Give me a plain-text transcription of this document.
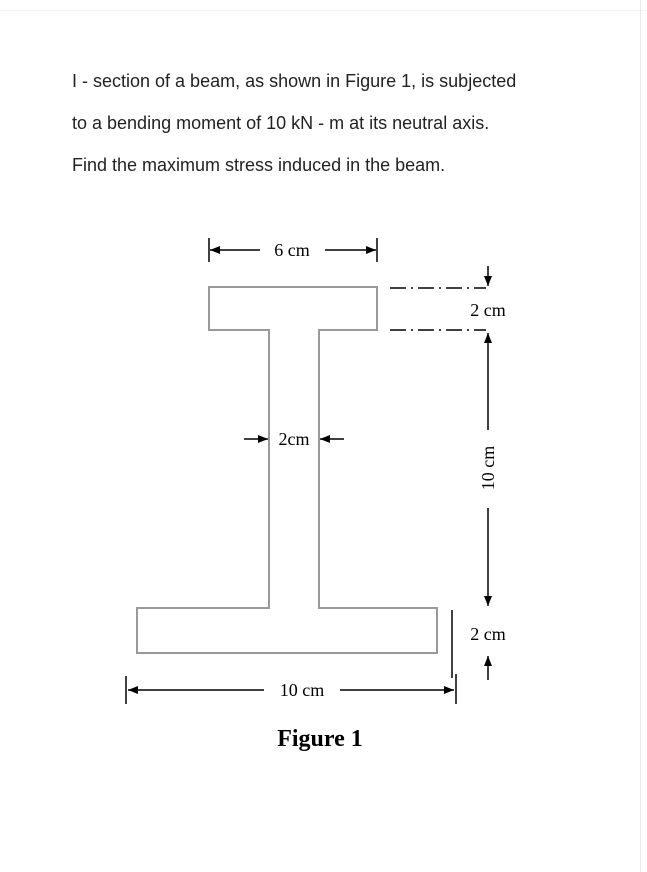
I - section of a beam, as shown in Figure 1, is subjected

to a bending moment of 10 kN - m at its neutral axis.

Find the maximum stress induced in the beam.

6 cm
2 cm
10 cm
2cm
2 cm
10 cm
Figure 1
